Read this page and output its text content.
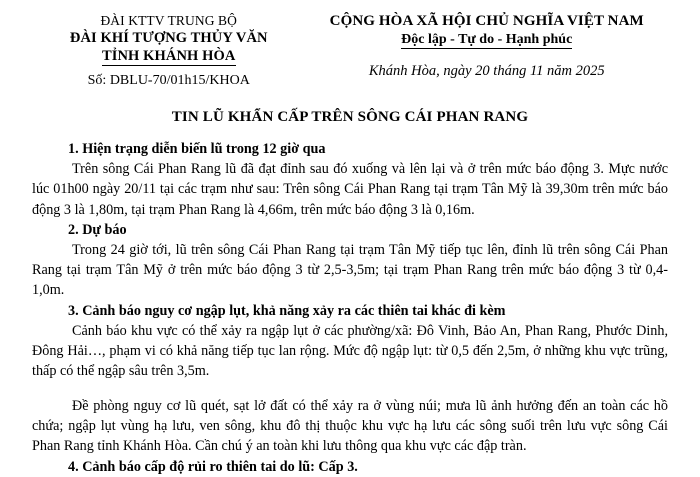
ĐÀI KTTV TRUNG BỘ
ĐÀI KHÍ TƯỢNG THỦY VĂN
TỈNH KHÁNH HÒA
Số: DBLU-70/01h15/KHOA
CỘNG HÒA XÃ HỘI CHỦ NGHĨA VIỆT NAM
Độc lập - Tự do - Hạnh phúc
Khánh Hòa, ngày 20 tháng 11 năm 2025
TIN LŨ KHẨN CẤP TRÊN SÔNG CÁI PHAN RANG

1. Hiện trạng diễn biến lũ trong 12 giờ qua

Trên sông Cái Phan Rang lũ đã đạt đỉnh sau đó xuống và lên lại và ở trên mức báo động 3. Mực nước lúc 01h00 ngày 20/11 tại các trạm như sau: Trên sông Cái Phan Rang tại trạm Tân Mỹ là 39,30m trên mức báo động 3 là 1,80m, tại trạm Phan Rang là 4,66m, trên mức báo động 3 là 0,16m.

2. Dự báo

Trong 24 giờ tới, lũ trên sông Cái Phan Rang tại trạm Tân Mỹ tiếp tục lên, đỉnh lũ trên sông Cái Phan Rang tại trạm Tân Mỹ ở trên mức báo động 3 từ 2,5-3,5m; tại trạm Phan Rang trên mức báo động 3 từ 0,4-1,0m.

3. Cảnh báo nguy cơ ngập lụt, khả năng xảy ra các thiên tai khác đi kèm

Cảnh báo khu vực có thể xảy ra ngập lụt ở các phường/xã: Đô Vinh, Bảo An, Phan Rang, Phước Dinh, Đông Hải…, phạm vi có khả năng tiếp tục lan rộng. Mức độ ngập lụt: từ 0,5 đến 2,5m, ở những khu vực trũng, thấp có thể ngập sâu trên 3,5m.

Đề phòng nguy cơ lũ quét, sạt lở đất có thể xảy ra ở vùng núi; mưa lũ ảnh hưởng đến an toàn các hồ chứa; ngập lụt vùng hạ lưu, ven sông, khu đô thị thuộc khu vực hạ lưu các sông suối trên lưu vực sông Cái Phan Rang tỉnh Khánh Hòa. Cần chú ý an toàn khi lưu thông qua khu vực các đập tràn.

4. Cảnh báo cấp độ rủi ro thiên tai do lũ: Cấp 3.
